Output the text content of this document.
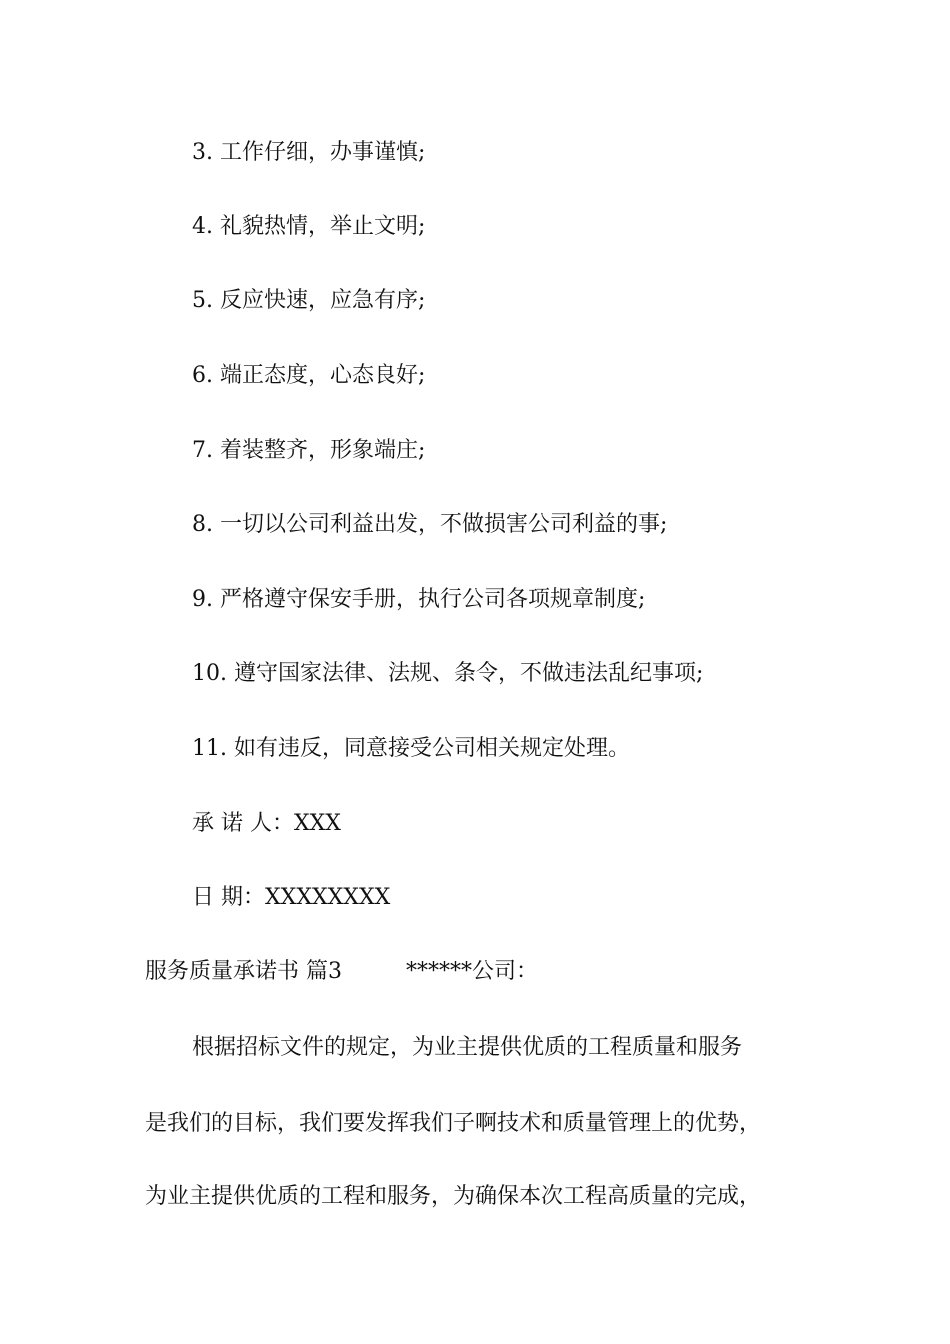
3. 工作仔细，办事谨慎;
4. 礼貌热情，举止文明;
5. 反应快速，应急有序;
6. 端正态度，心态良好;
7. 着装整齐，形象端庄;
8. 一切以公司利益出发，不做损害公司利益的事;
9. 严格遵守保安手册，执行公司各项规章制度;
10. 遵守国家法律、法规、条令，不做违法乱纪事项;
11. 如有违反，同意接受公司相关规定处理。
承 诺 人：XXX
日 期：XXXXXXXX
服务质量承诺书 篇3	******公司：
根据招标文件的规定，为业主提供优质的工程质量和服务
是我们的目标，我们要发挥我们子啊技术和质量管理上的优势，
为业主提供优质的工程和服务，为确保本次工程高质量的完成，
